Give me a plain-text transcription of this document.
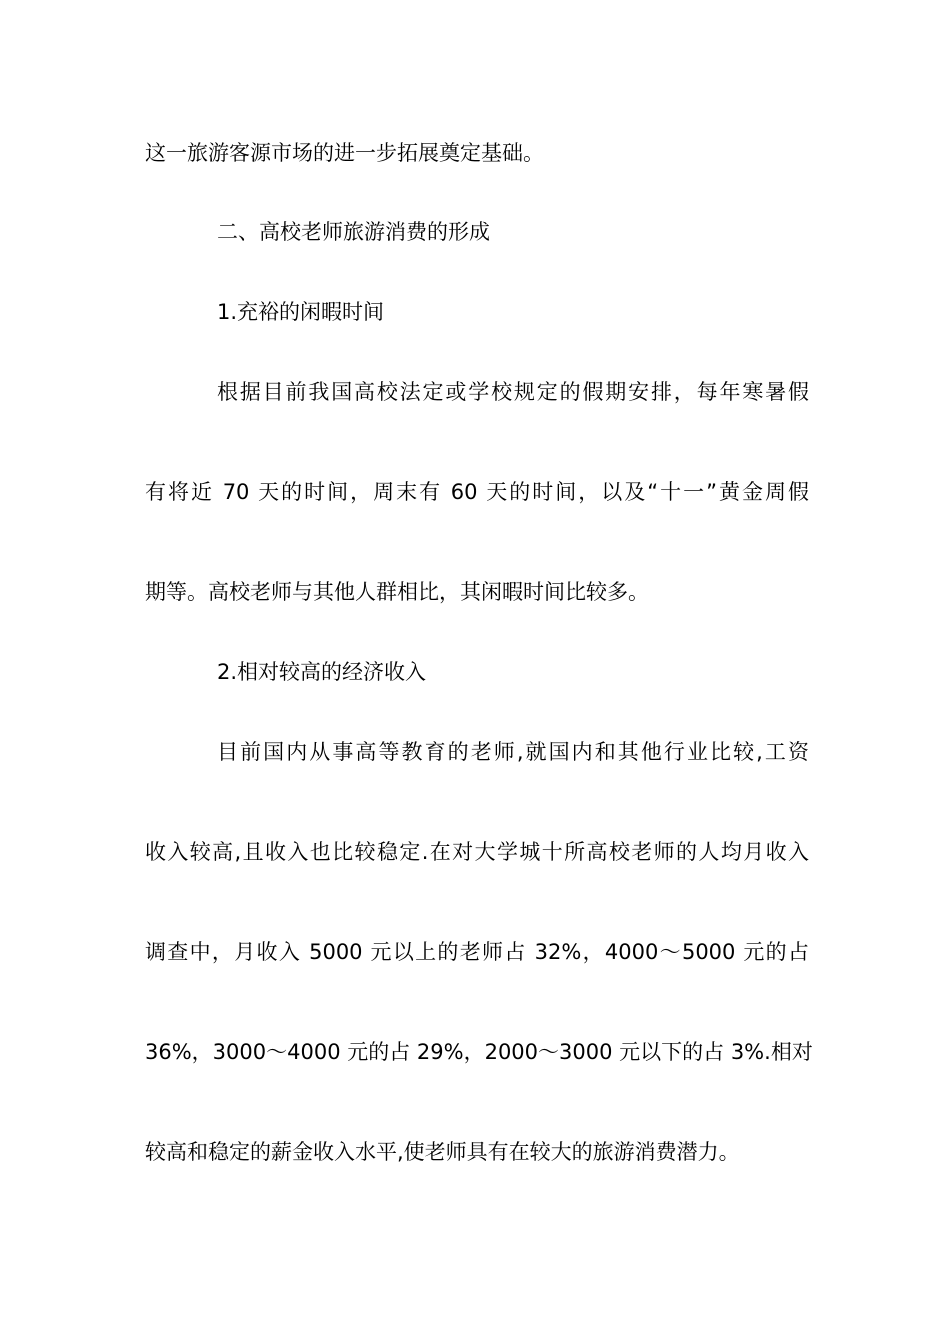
这一旅游客源市场的进一步拓展奠定基础。
二、高校老师旅游消费的形成
1.充裕的闲暇时间
根据目前我国高校法定或学校规定的假期安排，每年寒暑假
有将近 70 天的时间，周末有 60 天的时间，以及“十一”黄金周假
期等。高校老师与其他人群相比，其闲暇时间比较多。
2.相对较高的经济收入
目前国内从事高等教育的老师,就国内和其他行业比较,工资
收入较高,且收入也比较稳定.在对大学城十所高校老师的人均月收入
调查中，月收入 5000 元以上的老师占 32%，4000～5000 元的占
36%，3000～4000 元的占 29%，2000～3000 元以下的占 3%.相对
较高和稳定的薪金收入水平,使老师具有在较大的旅游消费潜力。
